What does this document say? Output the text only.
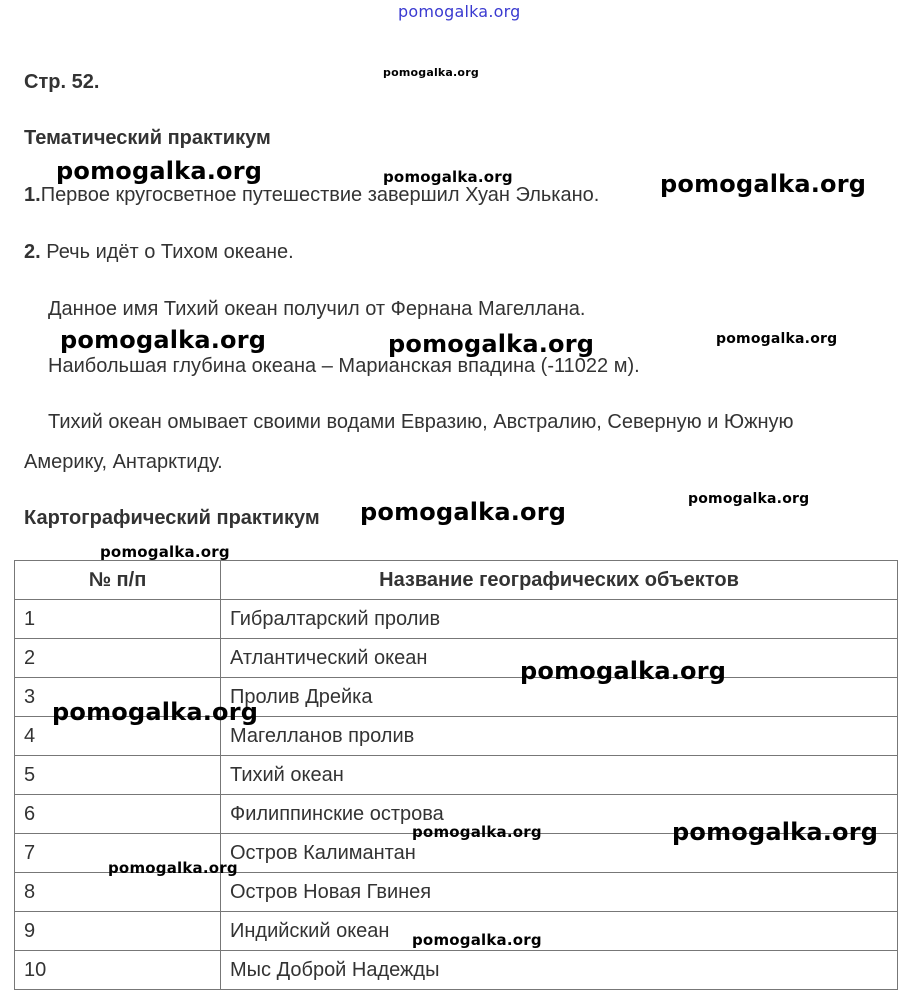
Стр. 52.
Тематический практикум
1.Первое кругосветное путешествие завершил Хуан Элькано.
2. Речь идёт о Тихом океане.
Данное имя Тихий океан получил от Фернана Магеллана.
Наибольшая глубина океана – Марианская впадина (-11022 м).
Тихий океан омывает своими водами Евразию, Австралию, Северную и Южную
Америку, Антарктиду.
Картографический практикум
№ п/п	Название географических объектов
1	Гибралтарский пролив
2	Атлантический океан
3	Пролив Дрейка
4	Магелланов пролив
5	Тихий океан
6	Филиппинские острова
7	Остров Калимантан
8	Остров Новая Гвинея
9	Индийский океан
10	Мыс Доброй Надежды
pomogalka.org
pomogalka.org
pomogalka.org	pomogalka.org	pomogalka.org
pomogalka.org	pomogalka.org	pomogalka.org
pomogalka.org
pomogalka.org
pomogalka.org
pomogalka.org
pomogalka.org
pomogalka.org
pomogalka.org
pomogalka.org
pomogalka.org
